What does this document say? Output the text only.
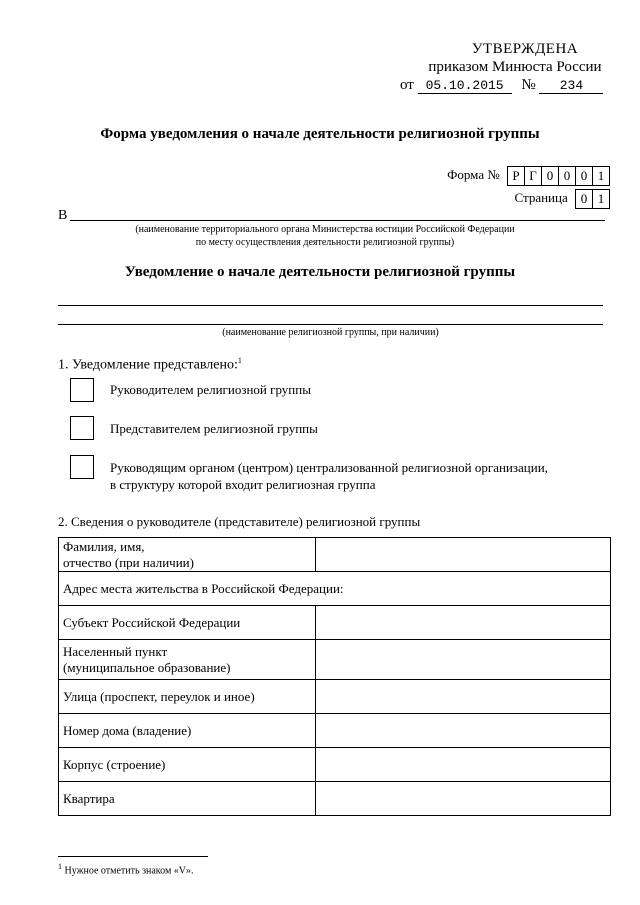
УТВЕРЖДЕНА
приказом Минюста России
от 05.10.2015 № 234
Форма уведомления о начале деятельности религиозной группы
Форма № Р Г 0 0 0 1
Страница	0 1
В
(наименование территориального органа Министерства юстиции Российской Федерации
по месту осуществления деятельности религиозной группы)
Уведомление о начале деятельности религиозной группы
(наименование религиозной группы, при наличии)
1. Уведомление представлено:$^1$
Руководителем религиозной группы
Представителем религиозной группы
Руководящим органом (центром) централизованной религиозной организации,
в структуру которой входит религиозная группа
2. Сведения о руководителе (представителе) религиозной группы
Фамилия, имя,
отчество (при наличии)	

Адрес места жительства в Российской Федерации:	
Субъект Российской Федерации	

Населенный пункт
(муниципальное образование)	

Улица (проспект, переулок и иное)	
Номер дома (владение)	
Корпус (строение)	
Квартира	
$^1$ Нужное отметить знаком «V».
